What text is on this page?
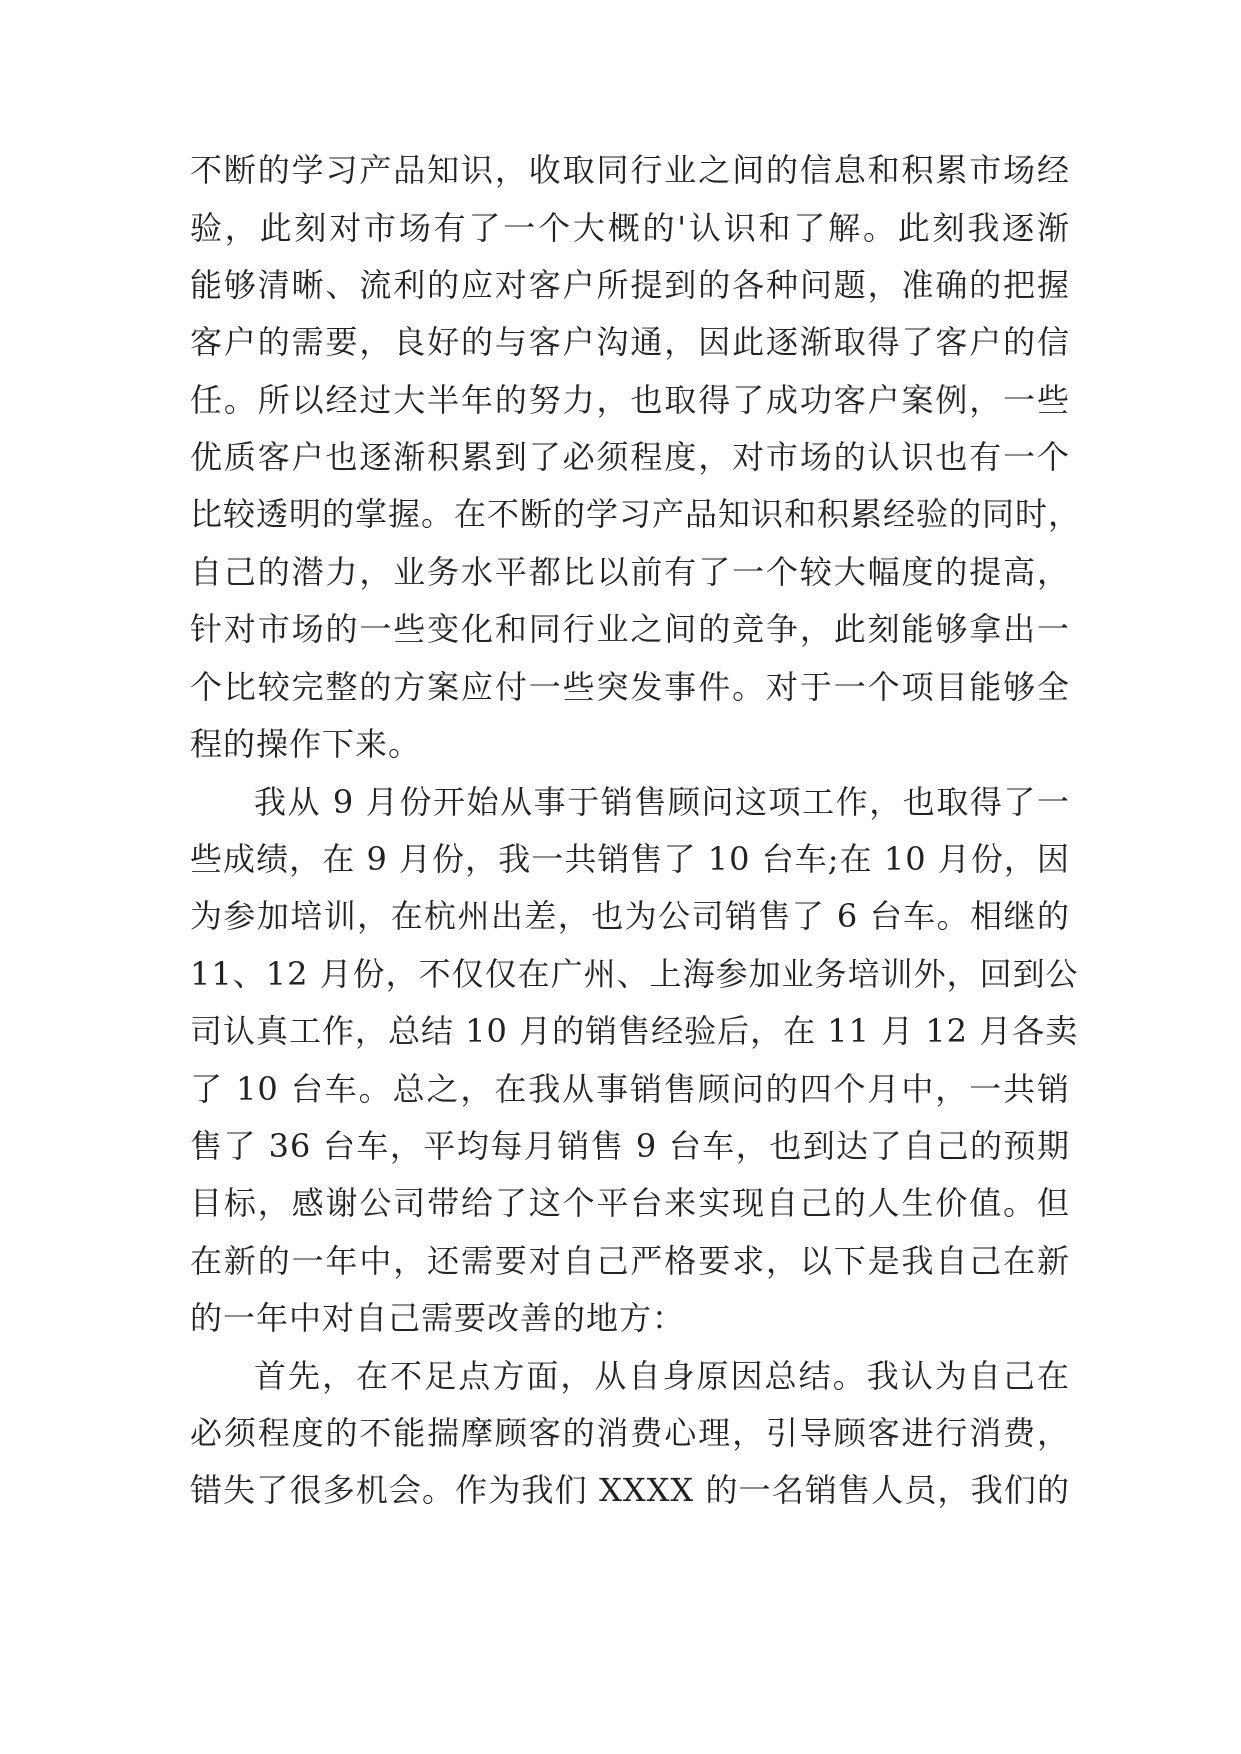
不断的学习产品知识，收取同行业之间的信息和积累市场经
验，此刻对市场有了一个大概的'认识和了解。此刻我逐渐
能够清晰、流利的应对客户所提到的各种问题，准确的把握
客户的需要，良好的与客户沟通，因此逐渐取得了客户的信
任。所以经过大半年的努力，也取得了成功客户案例，一些
优质客户也逐渐积累到了必须程度，对市场的认识也有一个
比较透明的掌握。在不断的学习产品知识和积累经验的同时，
自己的潜力，业务水平都比以前有了一个较大幅度的提高，
针对市场的一些变化和同行业之间的竞争，此刻能够拿出一
个比较完整的方案应付一些突发事件。对于一个项目能够全
程的操作下来。
我从 9 月份开始从事于销售顾问这项工作，也取得了一
些成绩，在 9 月份，我一共销售了 10 台车;在 10 月份，因
为参加培训，在杭州出差，也为公司销售了 6 台车。相继的
11、12 月份，不仅仅在广州、上海参加业务培训外，回到公
司认真工作，总结 10 月的销售经验后，在 11 月 12 月各卖
了 10 台车。总之，在我从事销售顾问的四个月中，一共销
售了 36 台车，平均每月销售 9 台车，也到达了自己的预期
目标，感谢公司带给了这个平台来实现自己的人生价值。但
在新的一年中，还需要对自己严格要求，以下是我自己在新
的一年中对自己需要改善的地方：
首先，在不足点方面，从自身原因总结。我认为自己在
必须程度的不能揣摩顾客的消费心理，引导顾客进行消费，
错失了很多机会。作为我们 XXXX 的一名销售人员，我们的
